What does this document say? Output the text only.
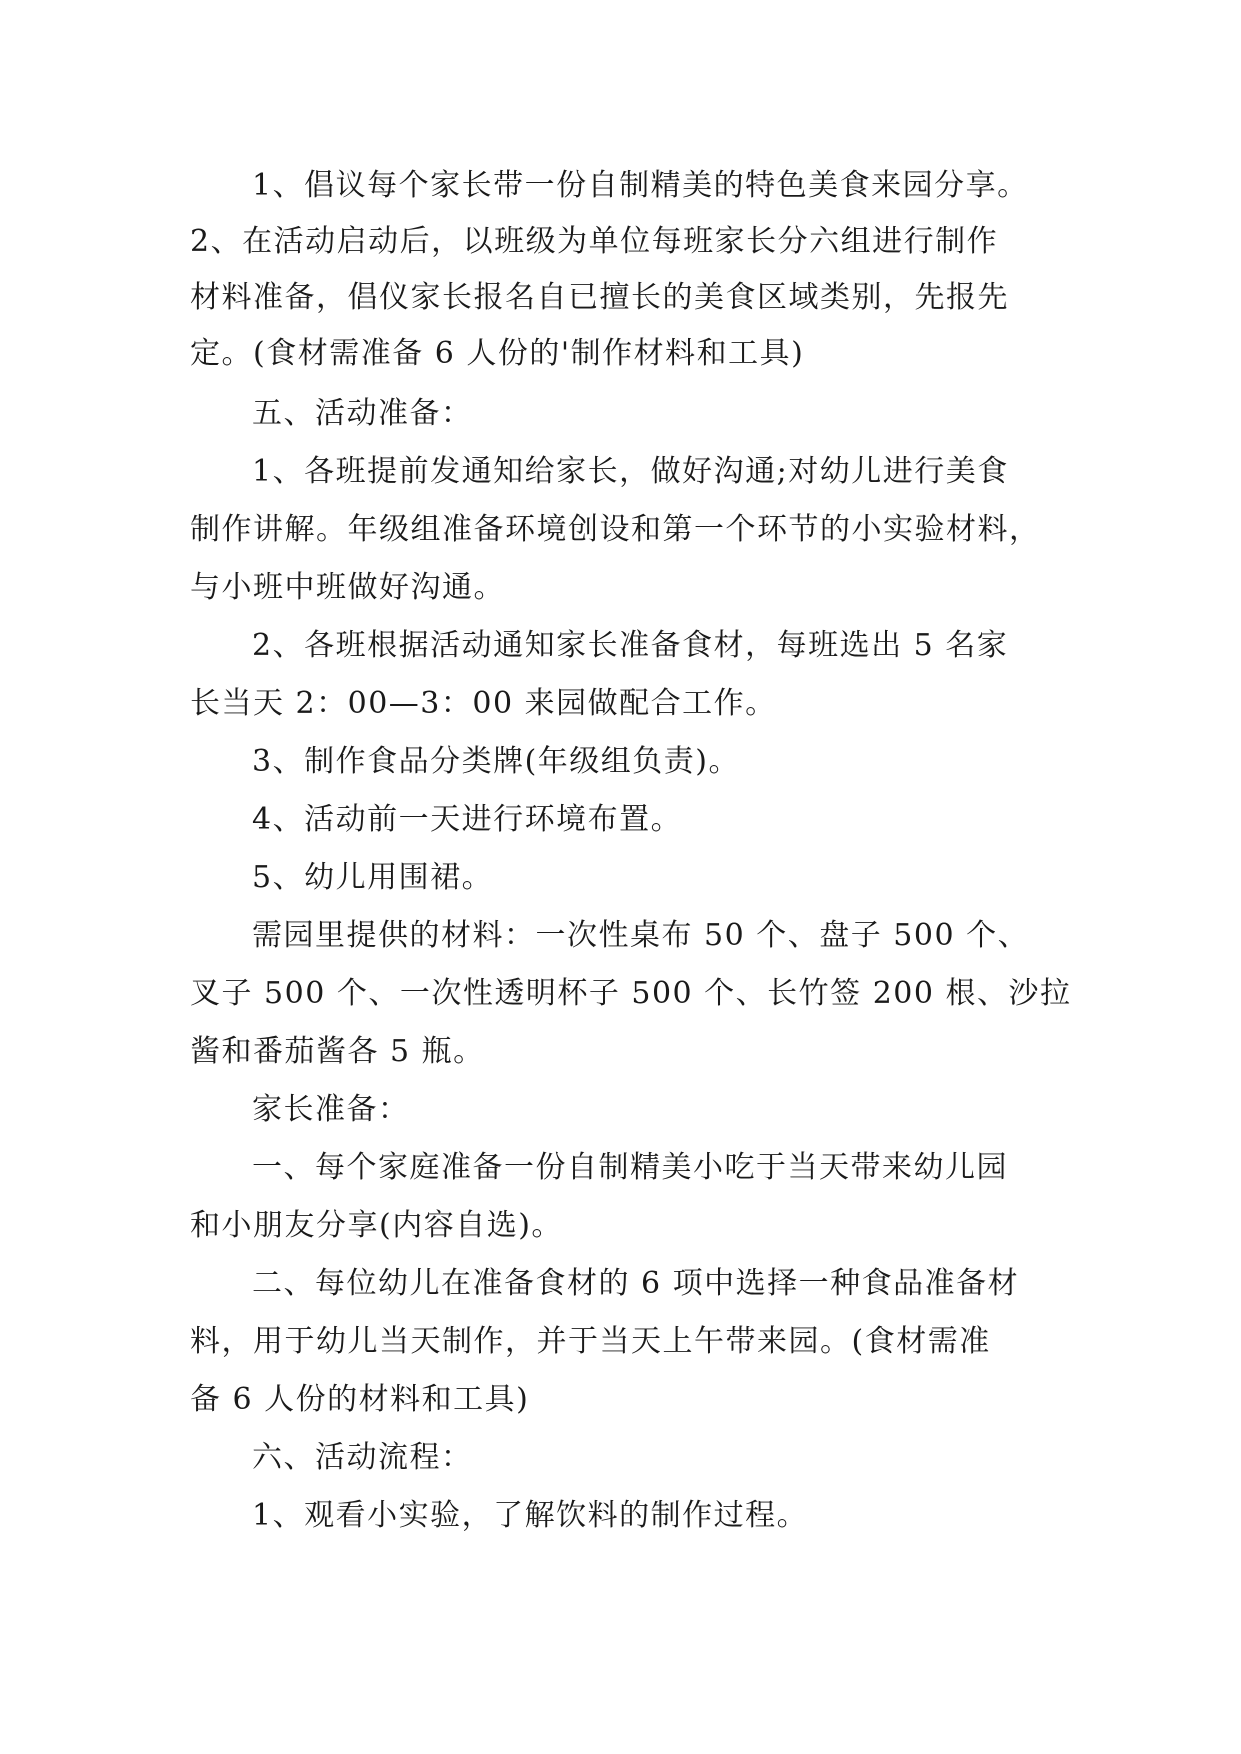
1、倡议每个家长带一份自制精美的特色美食来园分享。
2、在活动启动后，以班级为单位每班家长分六组进行制作
材料准备，倡仪家长报名自已擅长的美食区域类别，先报先
定。(食材需准备 6 人份的'制作材料和工具)
五、活动准备：
1、各班提前发通知给家长，做好沟通;对幼儿进行美食
制作讲解。年级组准备环境创设和第一个环节的小实验材料，
与小班中班做好沟通。
2、各班根据活动通知家长准备食材，每班选出 5 名家
长当天 2：00—3：00 来园做配合工作。
3、制作食品分类牌(年级组负责)。
4、活动前一天进行环境布置。
5、幼儿用围裙。
需园里提供的材料：一次性桌布 50 个、盘子 500 个、
叉子 500 个、一次性透明杯子 500 个、长竹签 200 根、沙拉
酱和番茄酱各 5 瓶。
家长准备：
一、每个家庭准备一份自制精美小吃于当天带来幼儿园
和小朋友分享(内容自选)。
二、每位幼儿在准备食材的 6 项中选择一种食品准备材
料，用于幼儿当天制作，并于当天上午带来园。(食材需准
备 6 人份的材料和工具)
六、活动流程：
1、观看小实验，了解饮料的制作过程。
